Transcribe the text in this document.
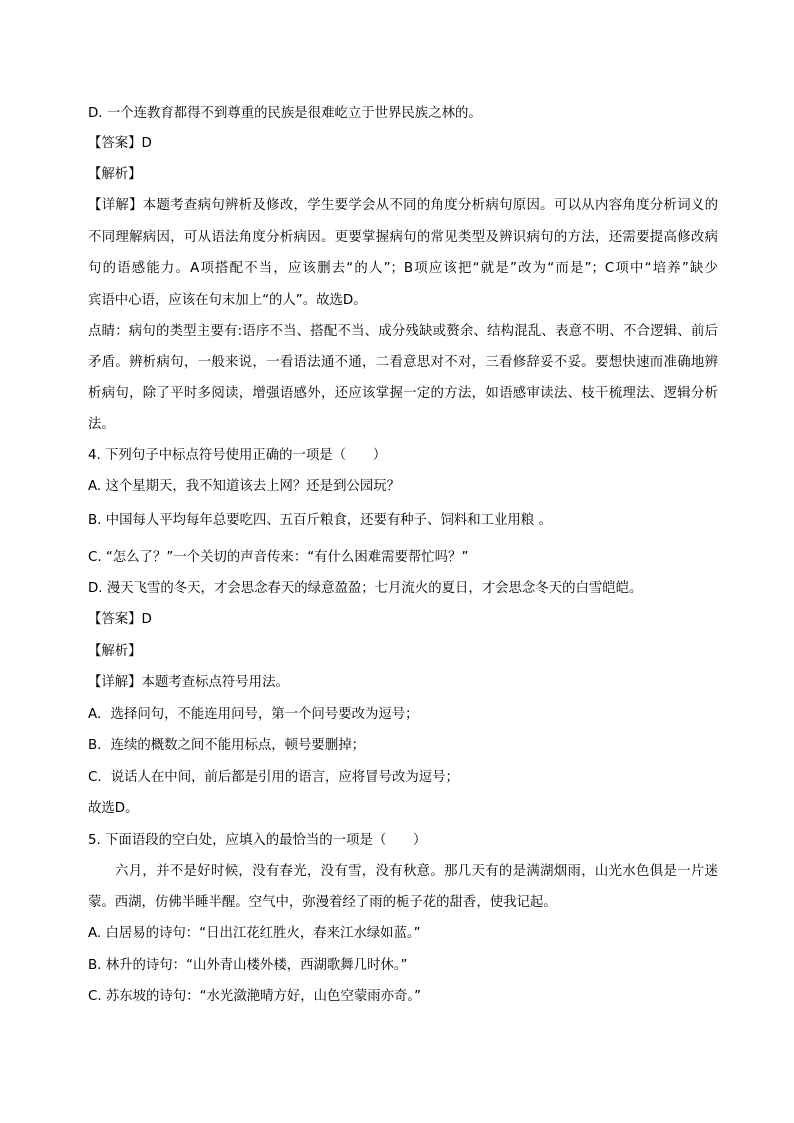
D. 一个连教育都得不到尊重的民族是很难屹立于世界民族之林的。
【答案】D
【解析】
【详解】本题考查病句辨析及修改，学生要学会从不同的角度分析病句原因。可以从内容角度分析词义的
不同理解病因，可从语法角度分析病因。更要掌握病句的常见类型及辨识病句的方法，还需要提高修改病
句的语感能力。A项搭配不当，应该删去“的人”；B项应该把“就是”改为“而是”；C项中“培养”缺少
宾语中心语，应该在句末加上“的人”。故选D。
点睛：病句的类型主要有:语序不当、搭配不当、成分残缺或赘余、结构混乱、表意不明、不合逻辑、前后
矛盾。辨析病句，一般来说，一看语法通不通，二看意思对不对，三看修辞妥不妥。要想快速而准确地辨
析病句，除了平时多阅读，增强语感外，还应该掌握一定的方法，如语感审读法、枝干梳理法、逻辑分析
法。
4. 下列句子中标点符号使用正确的一项是（　　）
A. 这个星期天，我不知道该去上网？还是到公园玩？
B. 中国每人平均每年总要吃四、五百斤粮食，还要有种子、饲料和工业用粮 。
C. “怎么了？”一个关切的声音传来：“有什么困难需要帮忙吗？”
D. 漫天飞雪的冬天，才会思念春天的绿意盈盈；七月流火的夏日，才会思念冬天的白雪皑皑。
【答案】D
【解析】
【详解】本题考查标点符号用法。
A．选择问句，不能连用问号，第一个问号要改为逗号；
B．连续的概数之间不能用标点，顿号要删掉；
C．说话人在中间，前后都是引用的语言，应将冒号改为逗号；
故选D。
5. 下面语段的空白处，应填入的最恰当的一项是（　　）
六月，并不是好时候，没有春光，没有雪，没有秋意。那几天有的是满湖烟雨，山光水色俱是一片迷
蒙。西湖，仿佛半睡半醒。空气中，弥漫着经了雨的栀子花的甜香，使我记起。
A. 白居易的诗句：“日出江花红胜火，春来江水绿如蓝。”
B. 林升的诗句：“山外青山楼外楼，西湖歌舞几时休。”
C. 苏东坡的诗句：“水光潋滟晴方好，山色空蒙雨亦奇。”
